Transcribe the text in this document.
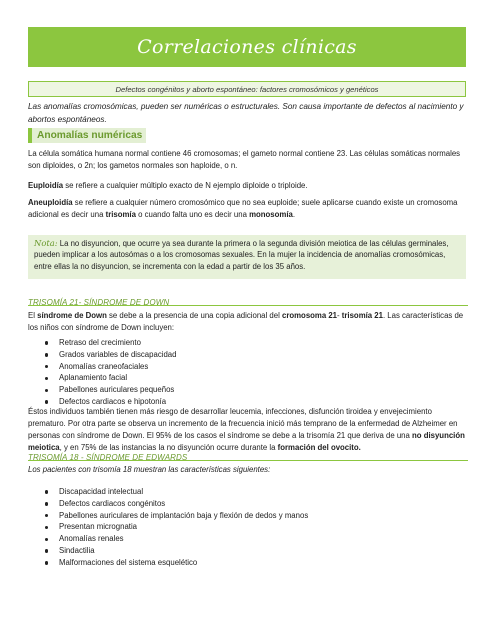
Correlaciones clínicas
Defectos congénitos y aborto espontáneo: factores cromosómicos y genéticos

Las anomalías cromosómicas, pueden ser numéricas o estructurales. Son causa importante de defectos al nacimiento y abortos espontáneos.

Anomalías numéricas

La célula somática humana normal contiene 46 cromosomas; el gameto normal contiene 23. Las células somáticas normales son diploides, o 2n; los gametos normales son haploide, o n.

Euploidía se refiere a cualquier múltiplo exacto de N ejemplo diploide o triploide.

Aneuploidía se refiere a cualquier número cromosómico que no sea euploide; suele aplicarse cuando existe un cromosoma adicional es decir una trisomía o cuando falta uno es decir una monosomía.

Nota: La no disyuncion, que ocurre ya sea durante la primera o la segunda división meiotica de las células germinales, pueden implicar a los autosómas o a los cromosomas sexuales. En la mujer la incidencia de anomalías cromosómicas, entre ellas la no disyuncion, se incrementa con la edad a partir de los 35 años.
TRISOMÍA 21- SÍNDROME DE DOWN

El síndrome de Down se debe a la presencia de una copia adicional del cromosoma 21- trisomía 21. Las características de los niños con síndrome de Down incluyen:

Retraso del crecimiento
Grados variables de discapacidad
Anomalías craneofaciales
Aplanamiento facial
Pabellones auriculares pequeños
Defectos cardiacos e hipotonía

Éstos individuos también tienen más riesgo de desarrollar leucemia, infecciones, disfunción tiroidea y envejecimiento prematuro. Por otra parte se observa un incremento de la frecuencia inició más temprano de la enfermedad de Alzheimer en personas con síndrome de Down. El 95% de los casos el síndrome se debe a la trisomía 21 que deriva de una no disyunción meiotica, y en 75% de las instancias la no disyunción ocurre durante la formación del ovocito.

TRISOMÍA 18 - SÍNDROME DE EDWARDS

Los pacientes con trisomía 18 muestran las características siguientes:

Discapacidad intelectual
Defectos cardiacos congénitos
Pabellones auriculares de implantación baja y flexión de dedos y manos
Presentan micrognatia
Anomalías renales
Sindactilia
Malformaciones del sistema esquelético
